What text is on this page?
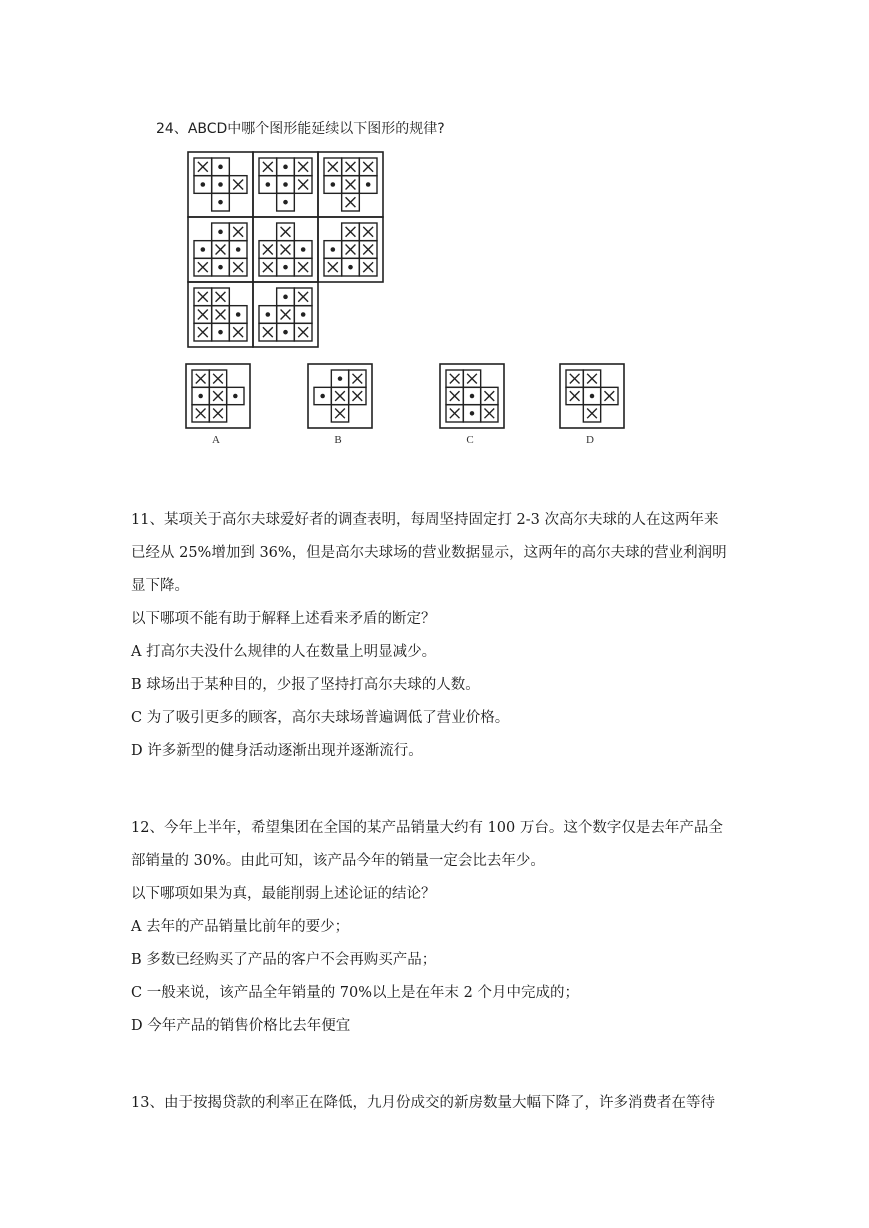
24、ABCD中哪个图形能延续以下图形的规律?
A	B	C	D
11、某项关于高尔夫球爱好者的调查表明，每周坚持固定打 2-3 次高尔夫球的人在这两年来
已经从 25%增加到 36%，但是高尔夫球场的营业数据显示，这两年的高尔夫球的营业利润明
显下降。
以下哪项不能有助于解释上述看来矛盾的断定？
A 打高尔夫没什么规律的人在数量上明显减少。
B 球场出于某种目的，少报了坚持打高尔夫球的人数。
C 为了吸引更多的顾客，高尔夫球场普遍调低了营业价格。
D 许多新型的健身活动逐渐出现并逐渐流行。
12、今年上半年，希望集团在全国的某产品销量大约有 100 万台。这个数字仅是去年产品全
部销量的 30%。由此可知，该产品今年的销量一定会比去年少。
以下哪项如果为真，最能削弱上述论证的结论？
A 去年的产品销量比前年的要少；
B 多数已经购买了产品的客户不会再购买产品；
C 一般来说，该产品全年销量的 70%以上是在年末 2 个月中完成的；
D 今年产品的销售价格比去年便宜
13、由于按揭贷款的利率正在降低，九月份成交的新房数量大幅下降了，许多消费者在等待
